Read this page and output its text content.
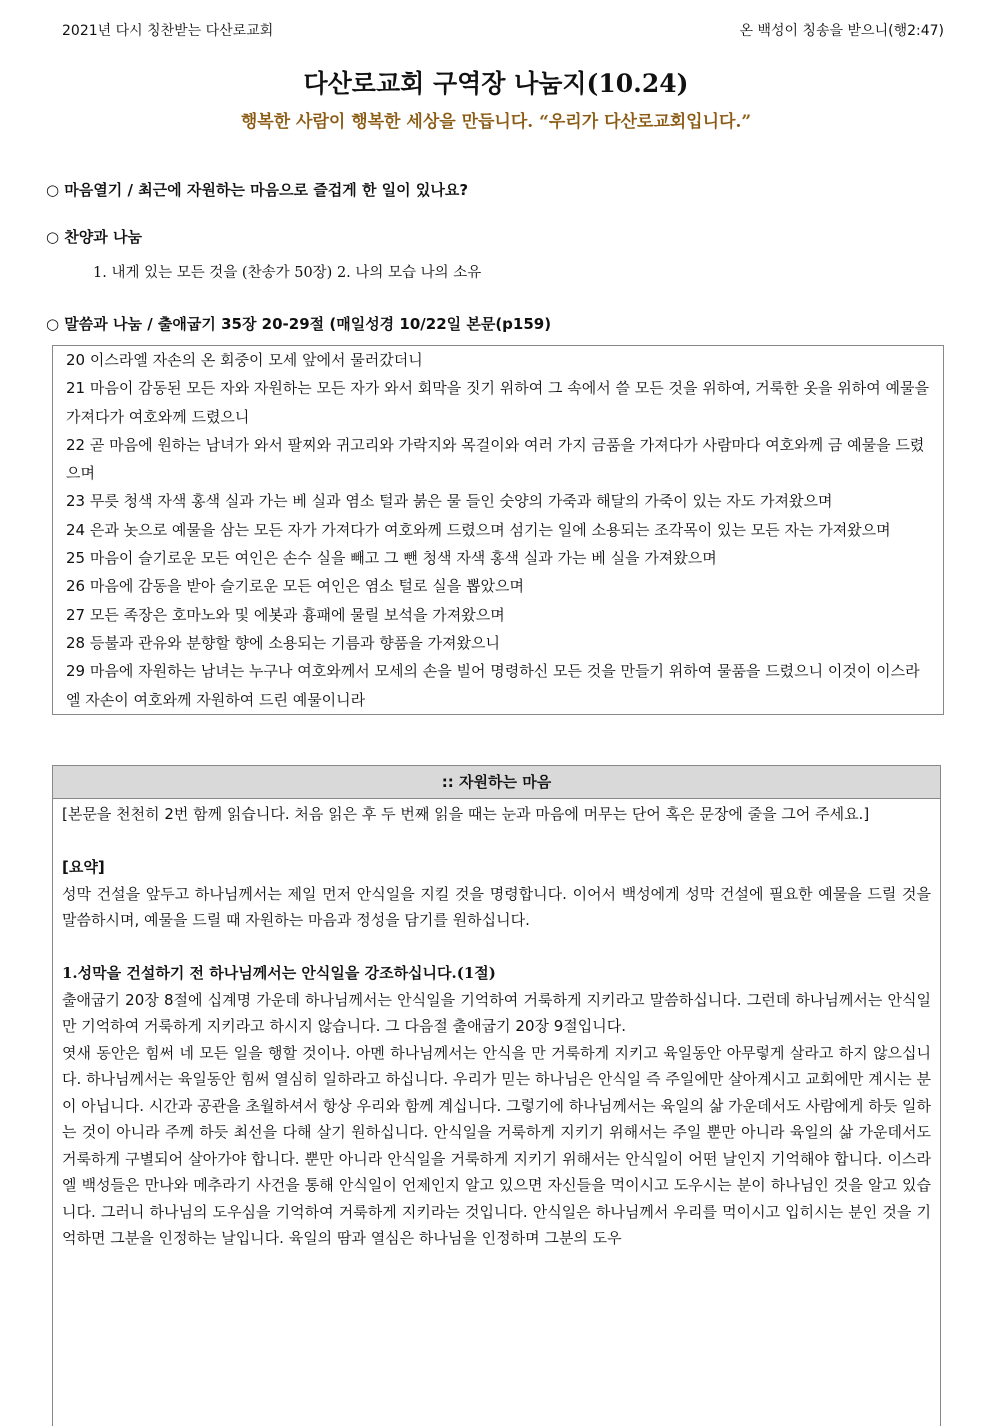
2021년 다시 칭찬받는 다산로교회	온 백성이 칭송을 받으니(행2:47)
다산로교회 구역장 나눔지(10.24)
행복한 사람이 행복한 세상을 만듭니다. “우리가 다산로교회입니다.”
○ 마음열기 / 최근에 자원하는 마음으로 즐겁게 한 일이 있나요?
○ 찬양과 나눔
1. 내게 있는 모든 것을 (찬송가 50장) 2. 나의 모습 나의 소유
○ 말씀과 나눔 / 출애굽기 35장 20-29절 (매일성경 10/22일 본문(p159)
20 이스라엘 자손의 온 회중이 모세 앞에서 물러갔더니
21 마음이 감동된 모든 자와 자원하는 모든 자가 와서 회막을 짓기 위하여 그 속에서 쓸 모든 것을 위하여, 거룩한 옷을 위하여 예물을 가져다가 여호와께 드렸으니
22 곧 마음에 원하는 남녀가 와서 팔찌와 귀고리와 가락지와 목걸이와 여러 가지 금품을 가져다가 사람마다 여호와께 금 예물을 드렸으며
23 무릇 청색 자색 홍색 실과 가는 베 실과 염소 털과 붉은 물 들인 숫양의 가죽과 해달의 가죽이 있는 자도 가져왔으며
24 은과 놋으로 예물을 삼는 모든 자가 가져다가 여호와께 드렸으며 섬기는 일에 소용되는 조각목이 있는 모든 자는 가져왔으며
25 마음이 슬기로운 모든 여인은 손수 실을 빼고 그 뺀 청색 자색 홍색 실과 가는 베 실을 가져왔으며
26 마음에 감동을 받아 슬기로운 모든 여인은 염소 털로 실을 뽑았으며
27 모든 족장은 호마노와 및 에봇과 흉패에 물릴 보석을 가져왔으며
28 등불과 관유와 분향할 향에 소용되는 기름과 향품을 가져왔으니
29 마음에 자원하는 남녀는 누구나 여호와께서 모세의 손을 빌어 명령하신 모든 것을 만들기 위하여 물품을 드렸으니 이것이 이스라엘 자손이 여호와께 자원하여 드린 예물이니라
:: 자원하는 마음

[본문을 천천히 2번 함께 읽습니다. 처음 읽은 후 두 번째 읽을 때는 눈과 마음에 머무는 단어 혹은 문장에 줄을 그어 주세요.]

[요약]

성막 건설을 앞두고 하나님께서는 제일 먼저 안식일을 지킬 것을 명령합니다. 이어서 백성에게 성막 건설에 필요한 예물을 드릴 것을 말씀하시며, 예물을 드릴 때 자원하는 마음과 정성을 담기를 원하십니다.

1.성막을 건설하기 전 하나님께서는 안식일을 강조하십니다.(1절)

출애굽기 20장 8절에 십계명 가운데 하나님께서는 안식일을 기억하여 거룩하게 지키라고 말씀하십니다. 그런데 하나님께서는 안식일만 기억하여 거룩하게 지키라고 하시지 않습니다. 그 다음절 출애굽기 20장 9절입니다.

엿새 동안은 힘써 네 모든 일을 행할 것이나. 아멘 하나님께서는 안식을 만 거룩하게 지키고 육일동안 아무렇게 살라고 하지 않으십니다. 하나님께서는 육일동안 힘써 열심히 일하라고 하십니다. 우리가 믿는 하나님은 안식일 즉 주일에만 살아계시고 교회에만 계시는 분이 아닙니다. 시간과 공관을 초월하셔서 항상 우리와 함께 계십니다. 그렇기에 하나님께서는 육일의 삶 가운데서도 사람에게 하듯 일하는 것이 아니라 주께 하듯 최선을 다해 살기 원하십니다. 안식일을 거룩하게 지키기 위해서는 주일 뿐만 아니라 육일의 삶 가운데서도 거룩하게 구별되어 살아가야 합니다. 뿐만 아니라 안식일을 거룩하게 지키기 위해서는 안식일이 어떤 날인지 기억해야 합니다. 이스라엘 백성들은 만나와 메추라기 사건을 통해 안식일이 언제인지 알고 있으면 자신들을 먹이시고 도우시는 분이 하나님인 것을 알고 있습니다. 그러니 하나님의 도우심을 기억하여 거룩하게 지키라는 것입니다. 안식일은 하나님께서 우리를 먹이시고 입히시는 분인 것을 기억하면 그분을 인정하는 날입니다. 육일의 땀과 열심은 하나님을 인정하며 그분의 도우
